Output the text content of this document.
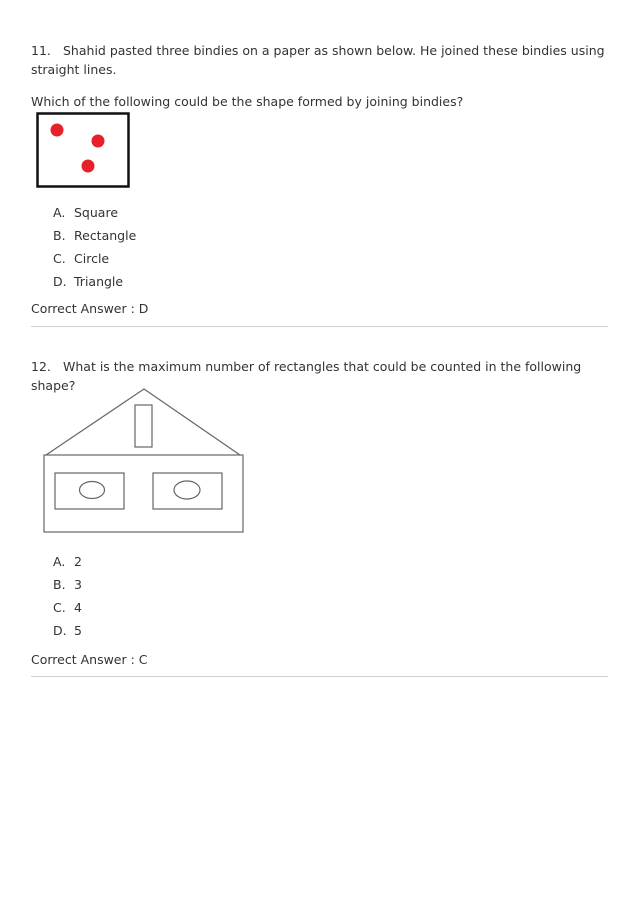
11. Shahid pasted three bindies on a paper as shown below. He joined these bindies using straight lines.
Which of the following could be the shape formed by joining bindies?
A. Square
B. Rectangle
C. Circle
D. Triangle
Correct Answer : D
12. What is the maximum number of rectangles that could be counted in the following shape?
A. 2
B. 3
C. 4
D. 5
Correct Answer : C
